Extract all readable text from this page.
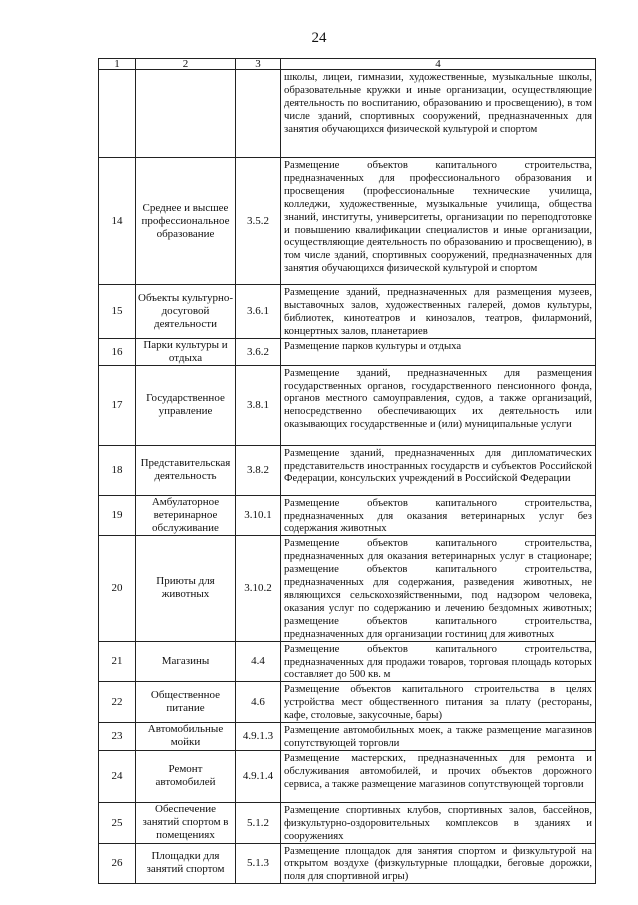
24
1	2	3	4
			школы, лицеи, гимназии, художественные, музыкальные школы, образовательные кружки и иные организации, осуществляющие деятельность по воспитанию, образованию и просвещению), в том числе зданий, спортивных сооружений, предназначенных для занятия обучающихся физической культурой и спортом
14	Среднее и высшее профессиональное образование	3.5.2	Размещение объектов капитального строительства, предназначенных для профессионального образования и просвещения (профессиональные технические училища, колледжи, художественные, музыкальные училища, общества знаний, институты, университеты, организации по переподготовке и повышению квалификации специалистов и иные организации, осуществляющие деятельность по образованию и просвещению), в том числе зданий, спортивных сооружений, предназначенных для занятия обучающихся физической культурой и спортом
15	Объекты культурно-досуговой деятельности	3.6.1	Размещение зданий, предназначенных для размещения музеев, выставочных залов, художественных галерей, домов культуры, библиотек, кинотеатров и кинозалов, театров, филармоний, концертных залов, планетариев
16	Парки культуры и отдыха	3.6.2	Размещение парков культуры и отдыха
17	Государственное управление	3.8.1	Размещение зданий, предназначенных для размещения государственных органов, государственного пенсионного фонда, органов местного самоуправления, судов, а также организаций, непосредственно обеспечивающих их деятельность или оказывающих государственные и (или) муниципальные услуги
18	Представительская деятельность	3.8.2	Размещение зданий, предназначенных для дипломатических представительств иностранных государств и субъектов Российской Федерации, консульских учреждений в Российской Федерации
19	Амбулаторное ветеринарное обслуживание	3.10.1	Размещение объектов капитального строительства, предназначенных для оказания ветеринарных услуг без содержания животных
20	Приюты для животных	3.10.2	Размещение объектов капитального строительства, предназначенных для оказания ветеринарных услуг в стационаре; размещение объектов капитального строительства, предназначенных для содержания, разведения животных, не являющихся сельскохозяйственными, под надзором человека, оказания услуг по содержанию и лечению бездомных животных; размещение объектов капитального строительства, предназначенных для организации гостиниц для животных
21	Магазины	4.4	Размещение объектов капитального строительства, предназначенных для продажи товаров, торговая площадь которых составляет до 500 кв. м
22	Общественное питание	4.6	Размещение объектов капитального строительства в целях устройства мест общественного питания за плату (рестораны, кафе, столовые, закусочные, бары)
23	Автомобильные мойки	4.9.1.3	Размещение автомобильных моек, а также размещение магазинов сопутствующей торговли
24	Ремонт автомобилей	4.9.1.4	Размещение мастерских, предназначенных для ремонта и обслуживания автомобилей, и прочих объектов дорожного сервиса, а также размещение магазинов сопутствующей торговли
25	Обеспечение занятий спортом в помещениях	5.1.2	Размещение спортивных клубов, спортивных залов, бассейнов, физкультурно-оздоровительных комплексов в зданиях и сооружениях
26	Площадки для занятий спортом	5.1.3	Размещение площадок для занятия спортом и физкультурой на открытом воздухе (физкультурные площадки, беговые дорожки, поля для спортивной игры)
